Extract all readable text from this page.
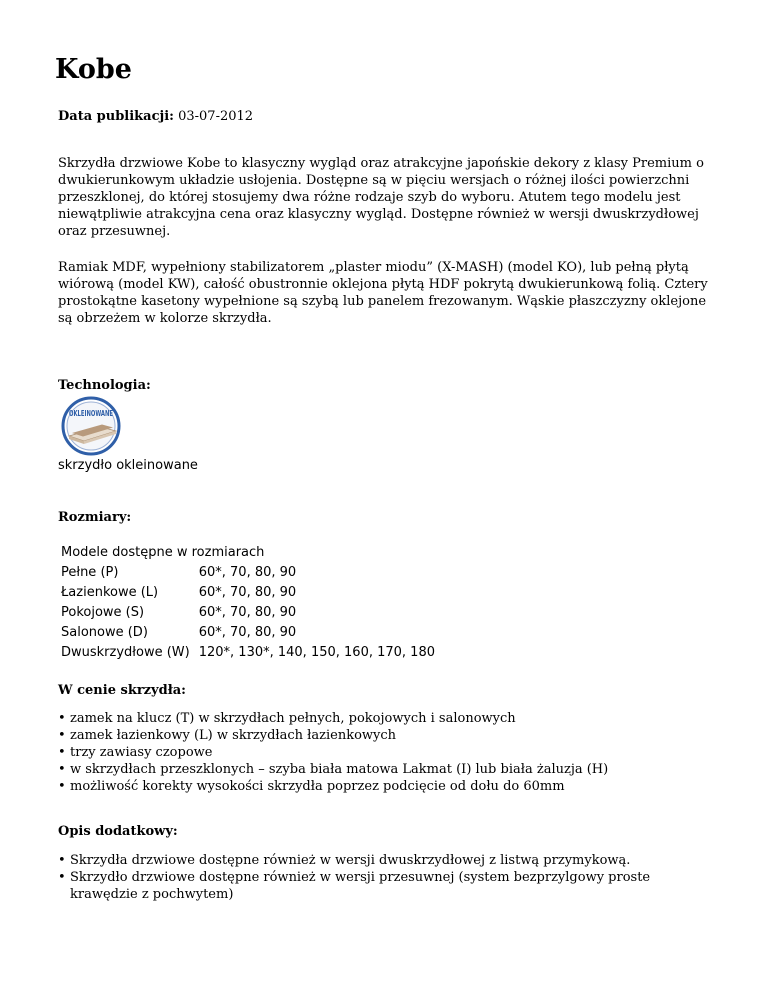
Kobe
Data publikacji: 03-07-2012

Skrzydła drzwiowe Kobe to klasyczny wygląd oraz atrakcyjne japońskie dekory z klasy Premium o dwukierunkowym układzie usłojenia. Dostępne są w pięciu wersjach o różnej ilości powierzchni przeszklonej, do której stosujemy dwa różne rodzaje szyb do wyboru. Atutem tego modelu jest niewątpliwie atrakcyjna cena oraz klasyczny wygląd. Dostępne również w wersji dwuskrzydłowej oraz przesuwnej.

Ramiak MDF, wypełniony stabilizatorem „plaster miodu” (X-MASH) (model KO), lub pełną płytą wiórową (model KW), całość obustronnie oklejona płytą HDF pokrytą dwukierunkową folią. Cztery prostokątne kasetony wypełnione są szybą lub panelem frezowanym. Wąskie płaszczyzny oklejone są obrzeżem w kolorze skrzydła.

Technologia:

OKLEINOWANE
skrzydło okleinowane

Rozmiary:

Modele dostępne w rozmiarach	
Pełne (P)	60*, 70, 80, 90
Łazienkowe (L)	60*, 70, 80, 90
Pokojowe (S)	60*, 70, 80, 90
Salonowe (D)	60*, 70, 80, 90
Dwuskrzydłowe (W)	120*, 130*, 140, 150, 160, 170, 180

W cenie skrzydła:

• zamek na klucz (T) w skrzydłach pełnych, pokojowych i salonowych
• zamek łazienkowy (L) w skrzydłach łazienkowych
• trzy zawiasy czopowe
• w skrzydłach przeszklonych – szyba biała matowa Lakmat (I) lub biała żaluzja (H)
• możliwość korekty wysokości skrzydła poprzez podcięcie od dołu do 60mm

Opis dodatkowy:

• Skrzydła drzwiowe dostępne również w wersji dwuskrzydłowej z listwą przymykową.
• Skrzydło drzwiowe dostępne również w wersji przesuwnej (system bezprzylgowy proste krawędzie z pochwytem)
